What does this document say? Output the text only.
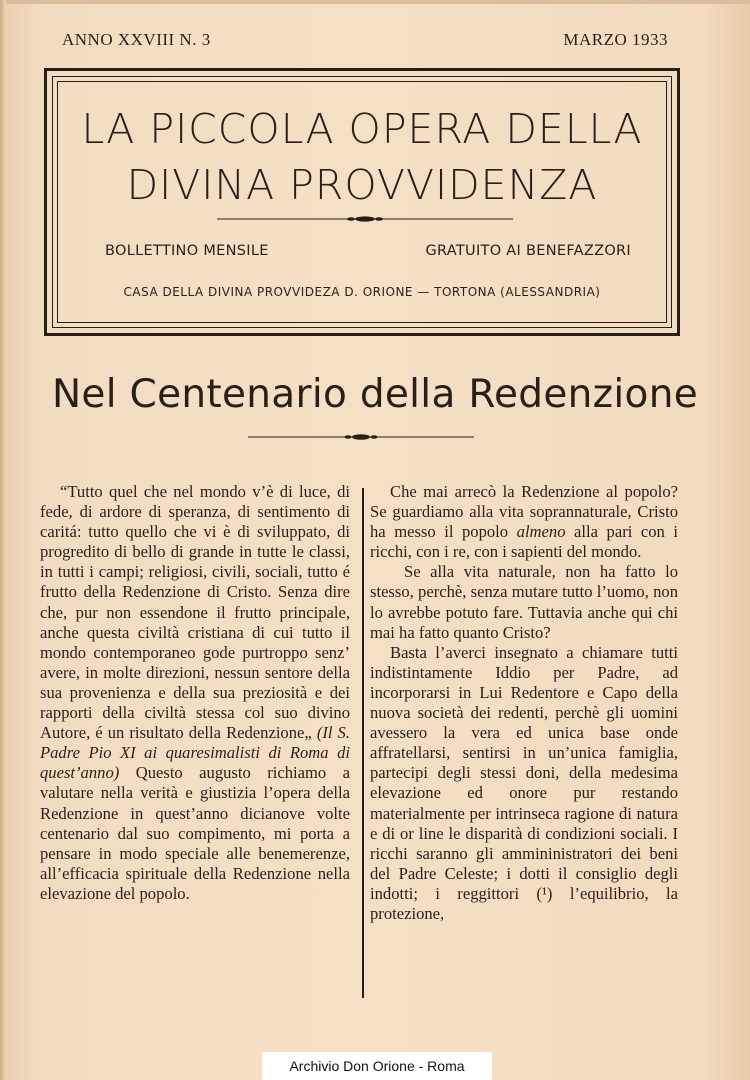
ANNO XXVIII N. 3	MARZO 1933
LA PICCOLA OPERA DELLA
DIVINA PROVVIDENZA
BOLLETTINO MENSILE	GRATUITO AI BENEFAZZORI
CASA DELLA DIVINA PROVVIDEZA D. ORIONE — TORTONA (ALESSANDRIA)
Nel Centenario della Redenzione

“Tutto quel che nel mondo v’è di luce, di fede, di ardore di speranza, di sentimento di caritá: tutto quello che vi è di sviluppato, di progredito di bello di grande in tutte le classi, in tutti i campi; religiosi, civili, sociali, tutto é frutto della Redenzione di Cristo. Senza dire che, pur non essendone il frutto principale, anche questa civiltà cristiana di cui tutto il mondo contemporaneo gode purtroppo senz’ avere, in molte direzioni, nessun sentore della sua provenienza e della sua preziosità e dei rapporti della civiltà stessa col suo divino Autore, é un risultato della Redenzione„ (Il S. Padre Pio XI ai quaresimalisti di Roma di quest’anno) Questo augusto richiamo a valutare nella verità e giustizia l’opera della Redenzione in quest’anno dicianove volte centenario dal suo compimento, mi porta a pensare in modo speciale alle benemerenze, all’efficacia spirituale della Redenzione nella elevazione del popolo.

Che mai arrecò la Redenzione al popolo? Se guardiamo alla vita soprannaturale, Cristo ha messo il popolo almeno alla pari con i ricchi, con i re, con i sapienti del mondo.

Se alla vita naturale, non ha fatto lo stesso, perchè, senza mutare tutto l’uomo, non lo avrebbe potuto fare. Tuttavia anche qui chi mai ha fatto quanto Cristo?

Basta l’averci insegnato a chiamare tutti indistintamente Iddio per Padre, ad incorporarsi in Lui Redentore e Capo della nuova società dei redenti, perchè gli uomini avessero la vera ed unica base onde affratellarsi, sentirsi in un’unica famiglia, partecipi degli stessi doni, della medesima elevazione ed onore pur restando materialmente per intrinseca ragione di natura e di or line le disparità di condizioni sociali. I ricchi saranno gli ammininistratori dei beni del Padre Celeste; i dotti il consiglio degli indotti; i reggittori (¹) l’equilibrio, la protezione,

Archivio Don Orione - Roma
